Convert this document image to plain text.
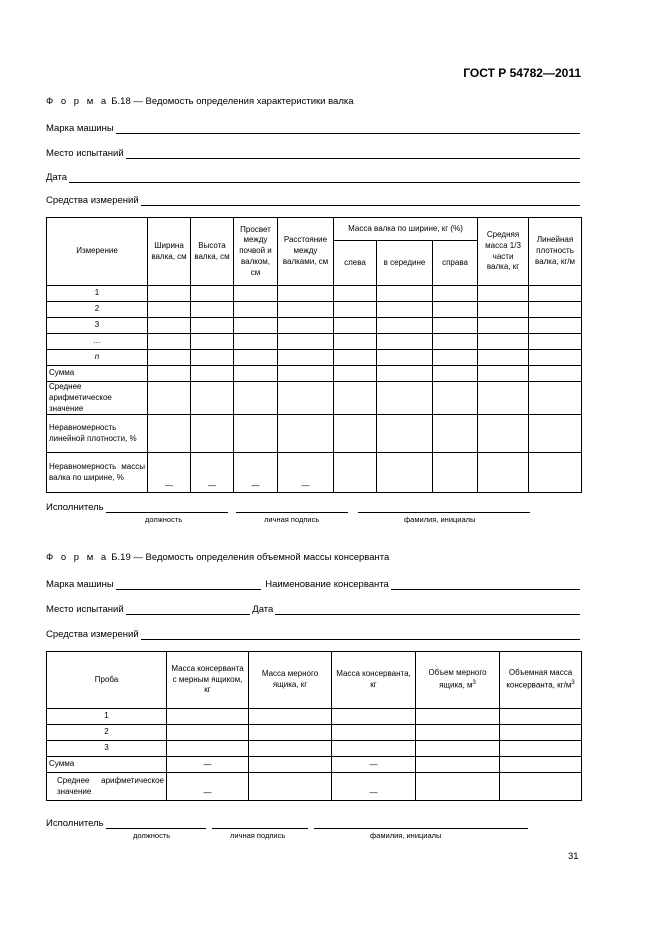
ГОСТ Р 54782—2011
Ф о р м а Б.18 — Ведомость определения характеристики валка
Марка машины
Место испытаний
Дата
Средства измерений
Измерение	Ширина валка, см	Высота валка, см	Просвет между почвой и валком, см	Расстояние между валками, см	Масса валка по ширине, кг (%)			Средняя масса 1/3 части валка, кг	Линейная плотность валка, кг/м
					слева	в середине	справа		
1									
2									
3									
...									
n									
Сумма									
Среднее арифметическое значение									
Неравномерность линейной плотности, %									
Неравномерность массы валка по ширине, %	—	—	—	—					
Исполнитель
должность	личная подпись	фамилия, инициалы
Ф о р м а Б.19 — Ведомость определения объемной массы консерванта
Марка машины	Наименование консерванта
Место испытаний	Дата
Средства измерений
Проба	Масса консерванта с мерным ящиком, кг	Масса мерного ящика, кг	Масса консерванта, кг	Объем мерного ящика, $м^3$	Объемная масса консерванта, $кг/м^3$
1					
2					
3					
Сумма	—		—		
Среднее арифметическое значение	—		—		
Исполнитель
должность	личная подпись	фамилия, инициалы
31
